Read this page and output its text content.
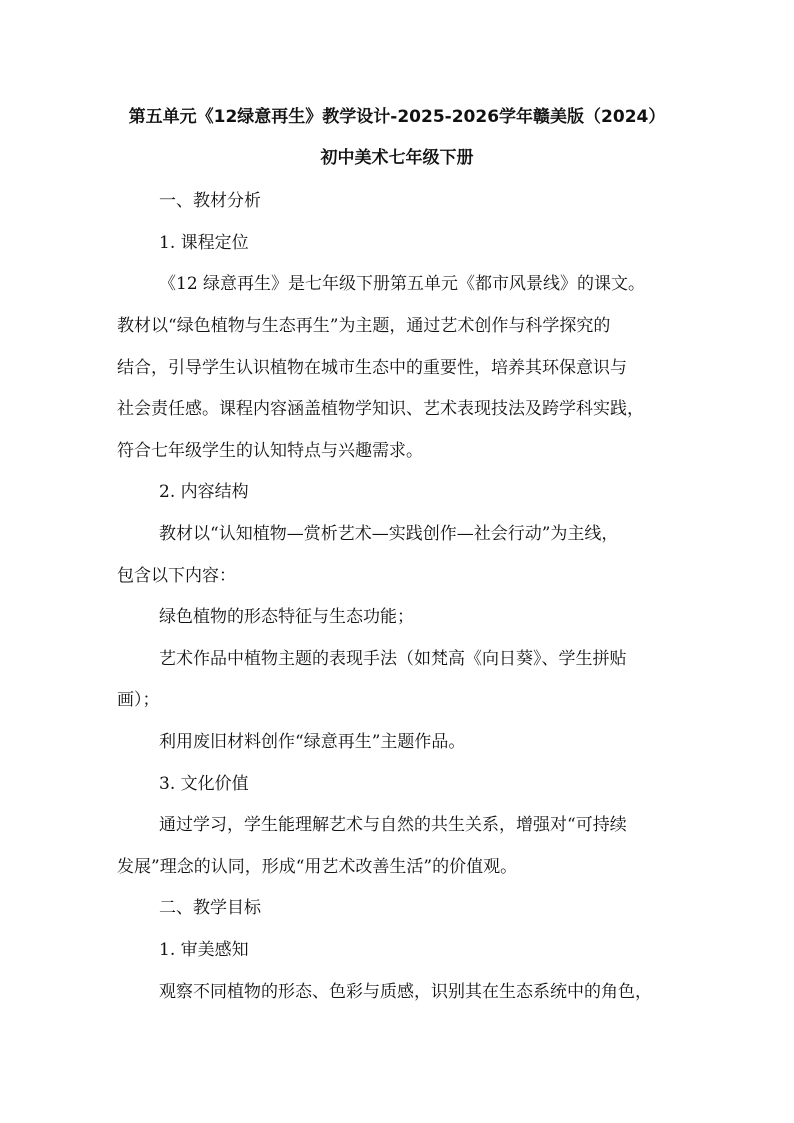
第五单元《12绿意再生》教学设计-2025-2026学年赣美版（2024）
初中美术七年级下册
一、教材分析
1. 课程定位
《12 绿意再生》是七年级下册第五单元《都市风景线》的课文。
教材以“绿色植物与生态再生”为主题，通过艺术创作与科学探究的
结合，引导学生认识植物在城市生态中的重要性，培养其环保意识与
社会责任感。课程内容涵盖植物学知识、艺术表现技法及跨学科实践，
符合七年级学生的认知特点与兴趣需求。
2. 内容结构
教材以“认知植物—赏析艺术—实践创作—社会行动”为主线，
包含以下内容：
绿色植物的形态特征与生态功能；
艺术作品中植物主题的表现手法（如梵高《向日葵》、学生拼贴
画）；
利用废旧材料创作“绿意再生”主题作品。
3. 文化价值
通过学习，学生能理解艺术与自然的共生关系，增强对“可持续
发展”理念的认同，形成“用艺术改善生活”的价值观。
二、教学目标
1. 审美感知
观察不同植物的形态、色彩与质感，识别其在生态系统中的角色，
